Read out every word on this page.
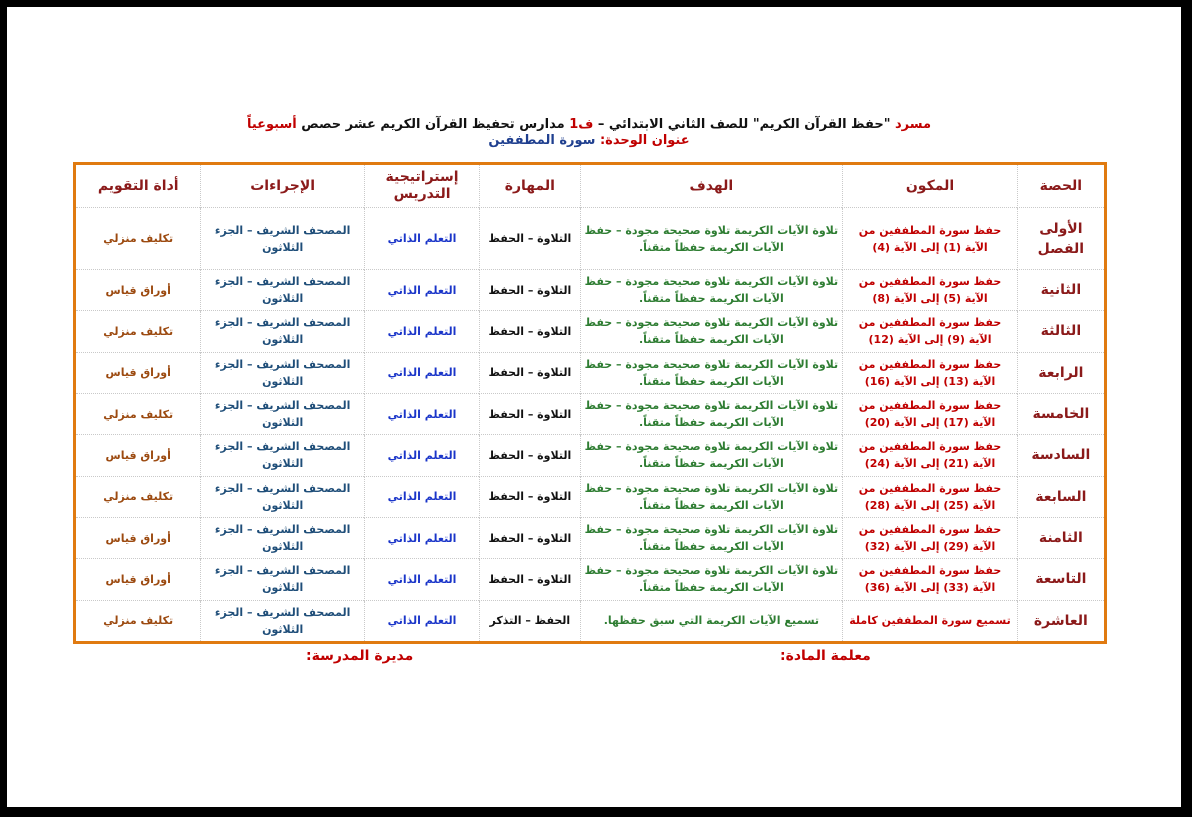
مسرد "حفظ القرآن الكريم" للصف الثاني الابتدائي – ف1 مدارس تحفيظ القرآن الكريم عشر حصص أسبوعياً
عنوان الوحدة: سورة المطففين
الحصة	المكون	الهدف	المهارة	إستراتيجية التدريس	الإجراءات	أداة التقويم
الأولى الفصل	حفظ سورة المطففين من الآية (1) إلى الآية (4)	تلاوة الآيات الكريمة تلاوة صحيحة مجودة – حفظ الآيات الكريمة حفظاً متقناً.	التلاوة – الحفظ	التعلم الذاتي	المصحف الشريف – الجزء الثلاثون	تكليف منزلي
الثانية	حفظ سورة المطففين من الآية (5) إلى الآية (8)	تلاوة الآيات الكريمة تلاوة صحيحة مجودة – حفظ الآيات الكريمة حفظاً متقناً.	التلاوة – الحفظ	التعلم الذاتي	المصحف الشريف – الجزء الثلاثون	أوراق قياس
الثالثة	حفظ سورة المطففين من الآية (9) إلى الآية (12)	تلاوة الآيات الكريمة تلاوة صحيحة مجودة – حفظ الآيات الكريمة حفظاً متقناً.	التلاوة – الحفظ	التعلم الذاتي	المصحف الشريف – الجزء الثلاثون	تكليف منزلي
الرابعة	حفظ سورة المطففين من الآية (13) إلى الآية (16)	تلاوة الآيات الكريمة تلاوة صحيحة مجودة – حفظ الآيات الكريمة حفظاً متقناً.	التلاوة – الحفظ	التعلم الذاتي	المصحف الشريف – الجزء الثلاثون	أوراق قياس
الخامسة	حفظ سورة المطففين من الآية (17) إلى الآية (20)	تلاوة الآيات الكريمة تلاوة صحيحة مجودة – حفظ الآيات الكريمة حفظاً متقناً.	التلاوة – الحفظ	التعلم الذاتي	المصحف الشريف – الجزء الثلاثون	تكليف منزلي
السادسة	حفظ سورة المطففين من الآية (21) إلى الآية (24)	تلاوة الآيات الكريمة تلاوة صحيحة مجودة – حفظ الآيات الكريمة حفظاً متقناً.	التلاوة – الحفظ	التعلم الذاتي	المصحف الشريف – الجزء الثلاثون	أوراق قياس
السابعة	حفظ سورة المطففين من الآية (25) إلى الآية (28)	تلاوة الآيات الكريمة تلاوة صحيحة مجودة – حفظ الآيات الكريمة حفظاً متقناً.	التلاوة – الحفظ	التعلم الذاتي	المصحف الشريف – الجزء الثلاثون	تكليف منزلي
الثامنة	حفظ سورة المطففين من الآية (29) إلى الآية (32)	تلاوة الآيات الكريمة تلاوة صحيحة مجودة – حفظ الآيات الكريمة حفظاً متقناً.	التلاوة – الحفظ	التعلم الذاتي	المصحف الشريف – الجزء الثلاثون	أوراق قياس
التاسعة	حفظ سورة المطففين من الآية (33) إلى الآية (36)	تلاوة الآيات الكريمة تلاوة صحيحة مجودة – حفظ الآيات الكريمة حفظاً متقناً.	التلاوة – الحفظ	التعلم الذاتي	المصحف الشريف – الجزء الثلاثون	أوراق قياس
العاشرة	تسميع سورة المطففين كاملة	تسميع الآيات الكريمة التي سبق حفظها.	الحفظ – التذكر	التعلم الذاتي	المصحف الشريف – الجزء الثلاثون	تكليف منزلي
معلمة المادة:
مديرة المدرسة:
